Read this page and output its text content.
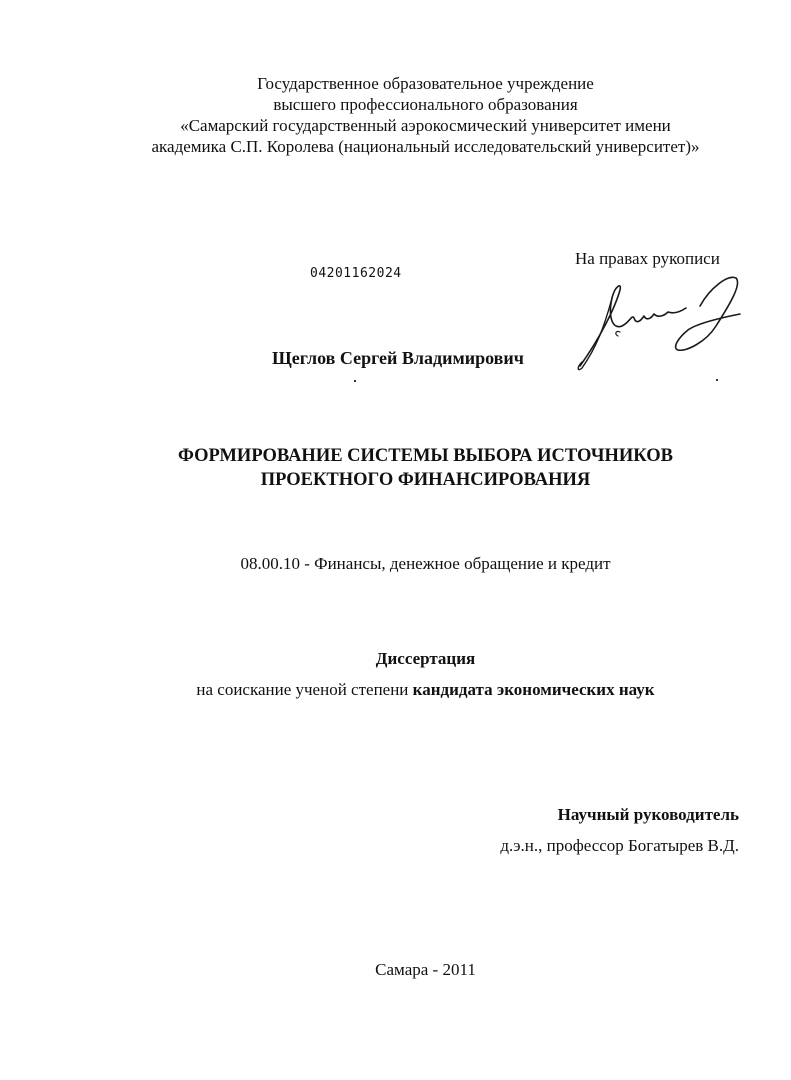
Государственное образовательное учреждение
высшего профессионального образования
«Самарский государственный аэрокосмический университет имени
академика С.П. Королева (национальный исследовательский университет)»
На правах рукописи
04201162024
Щеглов Сергей Владимирович
ФОРМИРОВАНИЕ СИСТЕМЫ ВЫБОРА ИСТОЧНИКОВ
ПРОЕКТНОГО ФИНАНСИРОВАНИЯ
08.00.10 - Финансы, денежное обращение и кредит
Диссертация
на соискание ученой степени кандидата экономических наук
Научный руководитель
д.э.н., профессор Богатырев В.Д.
Самара - 2011
